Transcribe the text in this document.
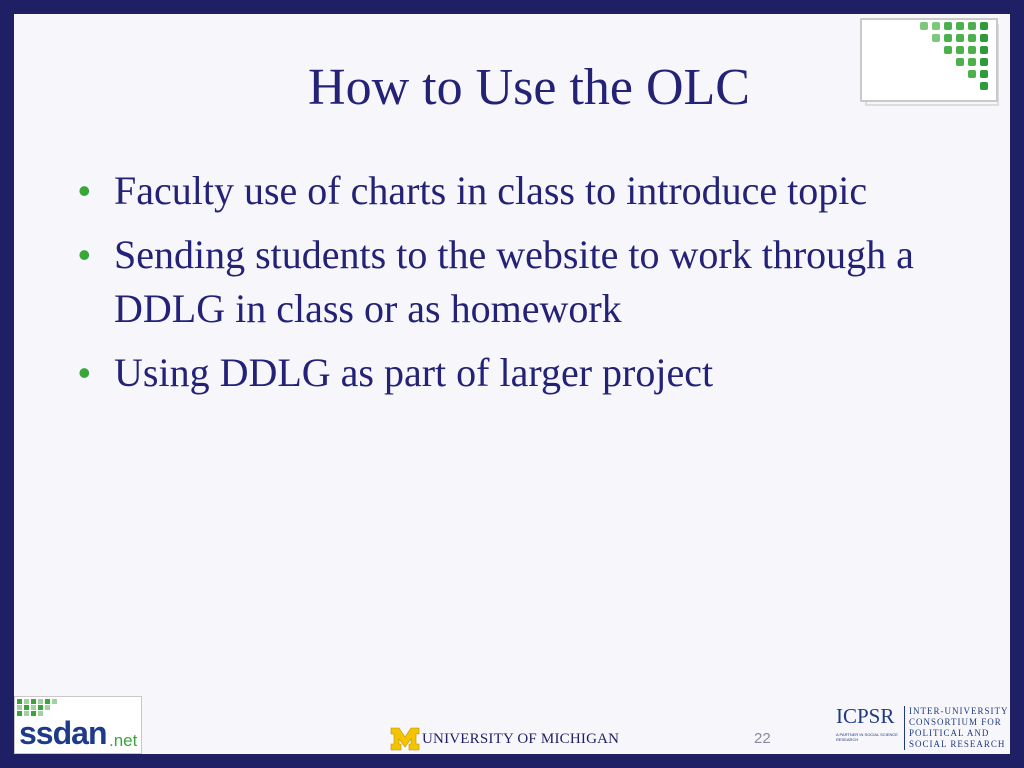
How to Use the OLC
• Faculty use of charts in class to introduce topic
• Sending students to the website to work through a DDLG in class or as homework
• Using DDLG as part of larger project
ssdan .net	UNIVERSITY OF MICHIGAN	22
ICPSR
A PARTNER IN SOCIAL SCIENCE RESEARCH
INTER-UNIVERSITY
CONSORTIUM FOR
POLITICAL AND
SOCIAL RESEARCH
